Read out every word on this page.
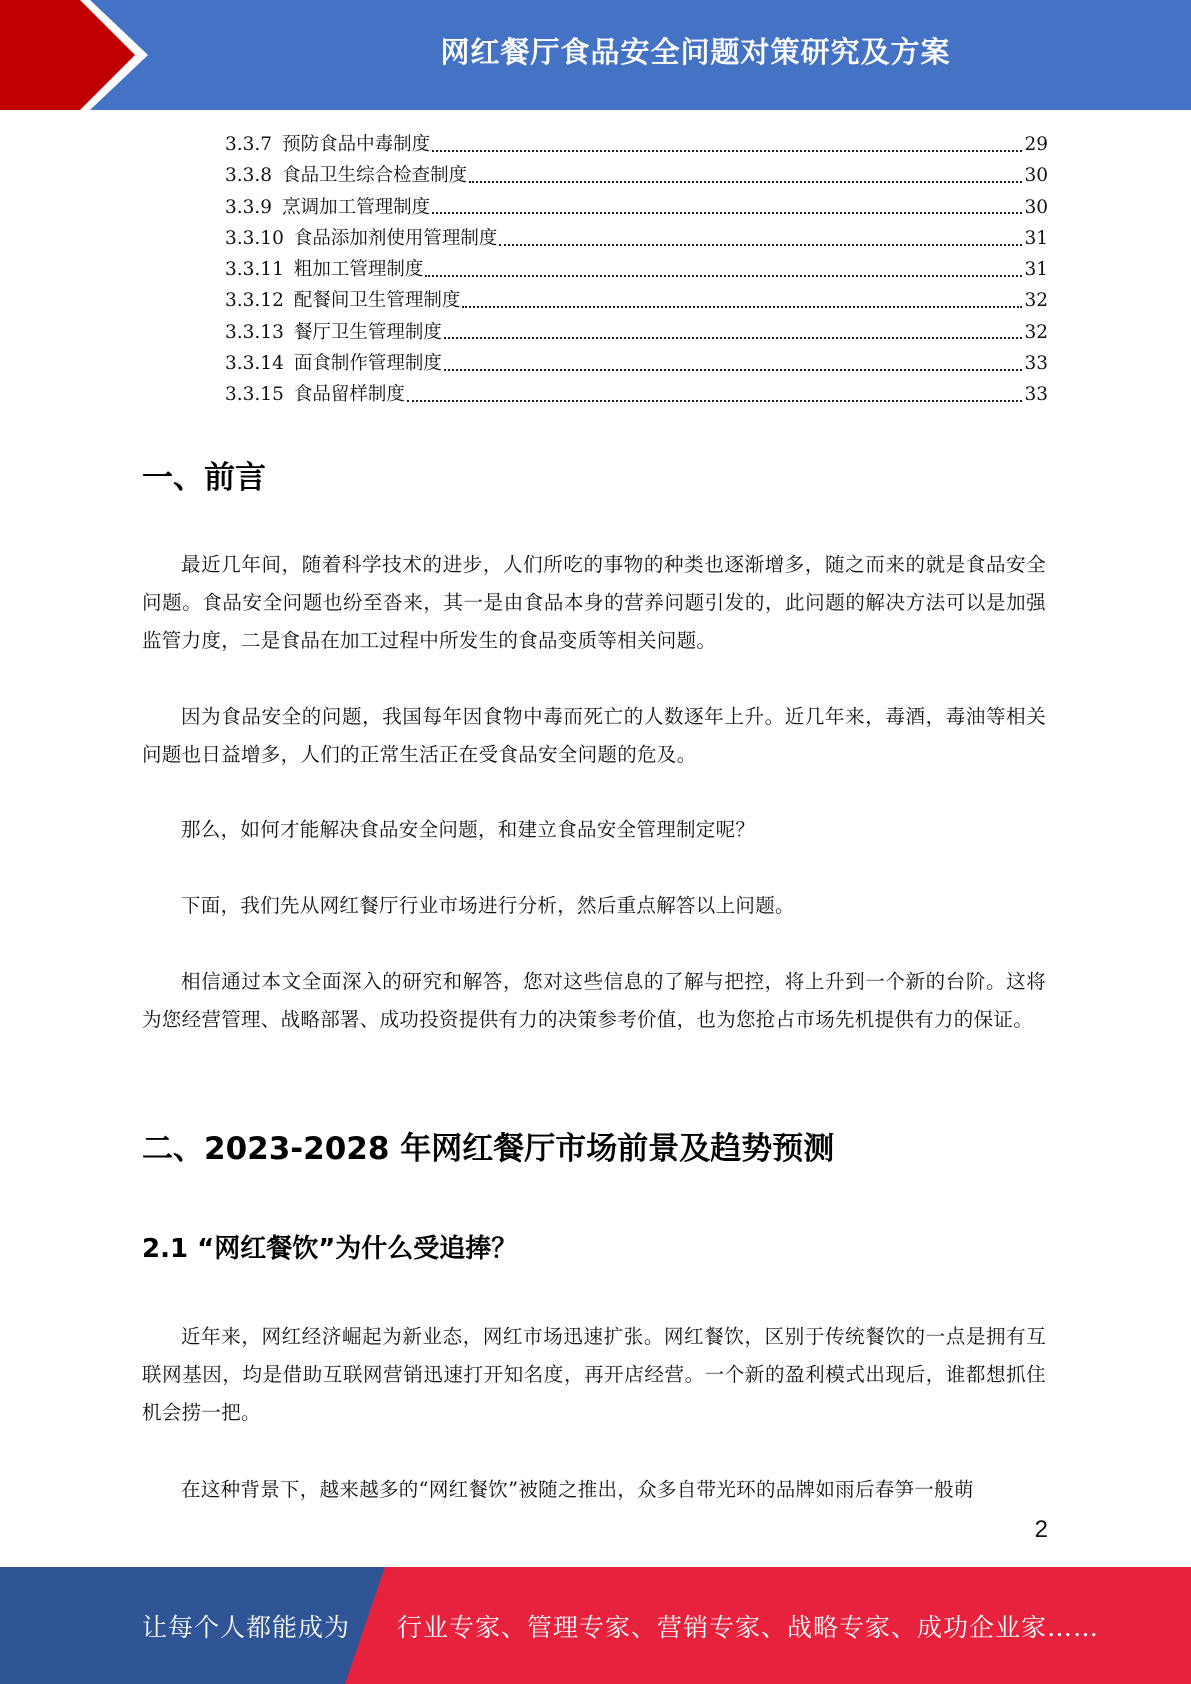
网红餐厅食品安全问题对策研究及方案
3.3.7 预防食品中毒制度	29
3.3.8 食品卫生综合检查制度	30
3.3.9 烹调加工管理制度	30
3.3.10 食品添加剂使用管理制度	31
3.3.11 粗加工管理制度	31
3.3.12 配餐间卫生管理制度	32
3.3.13 餐厅卫生管理制度	32
3.3.14 面食制作管理制度	33
3.3.15 食品留样制度	33
一、前言

最近几年间，随着科学技术的进步，人们所吃的事物的种类也逐渐增多，随之而来的就是食品安全问题。食品安全问题也纷至沓来，其一是由食品本身的营养问题引发的，此问题的解决方法可以是加强监管力度，二是食品在加工过程中所发生的食品变质等相关问题。

因为食品安全的问题，我国每年因食物中毒而死亡的人数逐年上升。近几年来，毒酒，毒油等相关问题也日益增多，人们的正常生活正在受食品安全问题的危及。

那么，如何才能解决食品安全问题，和建立食品安全管理制定呢？

下面，我们先从网红餐厅行业市场进行分析，然后重点解答以上问题。

相信通过本文全面深入的研究和解答，您对这些信息的了解与把控，将上升到一个新的台阶。这将为您经营管理、战略部署、成功投资提供有力的决策参考价值，也为您抢占市场先机提供有力的保证。

二、2023-2028 年网红餐厅市场前景及趋势预测
2.1 “网红餐饮”为什么受追捧？

近年来，网红经济崛起为新业态，网红市场迅速扩张。网红餐饮，区别于传统餐饮的一点是拥有互联网基因，均是借助互联网营销迅速打开知名度，再开店经营。一个新的盈利模式出现后，谁都想抓住机会捞一把。

在这种背景下，越来越多的“网红餐饮”被随之推出，众多自带光环的品牌如雨后春笋一般萌

2
让每个人都能成为 行业专家、管理专家、营销专家、战略专家、成功企业家……
